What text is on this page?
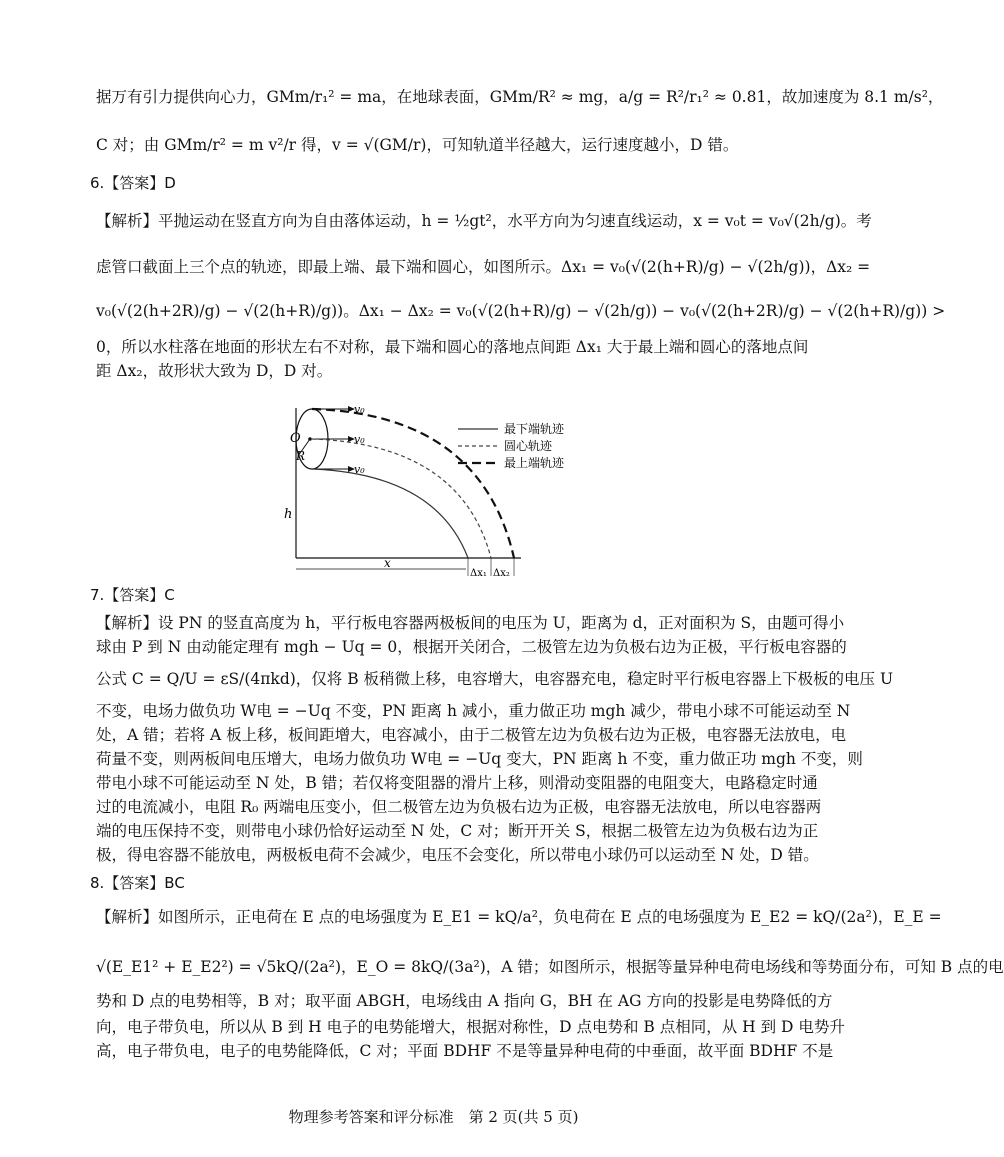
据万有引力提供向心力，GMm/r₁² = ma，在地球表面，GMm/R² ≈ mg，a/g = R²/r₁² ≈ 0.81，故加速度为 8.1 m/s²，
C 对；由 GMm/r² = m v²/r 得，v = √(GM/r)，可知轨道半径越大，运行速度越小，D 错。
6.【答案】D
【解析】平抛运动在竖直方向为自由落体运动，h = ½gt²，水平方向为匀速直线运动，x = v₀t = v₀√(2h/g)。考
虑管口截面上三个点的轨迹，即最上端、最下端和圆心，如图所示。Δx₁ = v₀(√(2(h+R)/g) − √(2h/g))，Δx₂ =
v₀(√(2(h+2R)/g) − √(2(h+R)/g))。Δx₁ − Δx₂ = v₀(√(2(h+R)/g) − √(2h/g)) − v₀(√(2(h+2R)/g) − √(2(h+R)/g)) >
0，所以水柱落在地面的形状左右不对称，最下端和圆心的落地点间距 Δx₁ 大于最上端和圆心的落地点间
距 Δx₂，故形状大致为 D，D 对。
h
x
Δx₁ Δx₂
O
R
v₀
v₀
v₀
最下端轨迹
圆心轨迹
最上端轨迹
7.【答案】C
【解析】设 PN 的竖直高度为 h，平行板电容器两极板间的电压为 U，距离为 d，正对面积为 S，由题可得小
球由 P 到 N 由动能定理有 mgh − Uq = 0，根据开关闭合，二极管左边为负极右边为正极，平行板电容器的
公式 C = Q/U = εS/(4πkd)，仅将 B 板稍微上移，电容增大，电容器充电，稳定时平行板电容器上下极板的电压 U
不变，电场力做负功 W电 = −Uq 不变，PN 距离 h 减小，重力做正功 mgh 减少，带电小球不可能运动至 N
处，A 错；若将 A 板上移，板间距增大，电容减小，由于二极管左边为负极右边为正极，电容器无法放电，电
荷量不变，则两板间电压增大，电场力做负功 W电 = −Uq 变大，PN 距离 h 不变，重力做正功 mgh 不变，则
带电小球不可能运动至 N 处，B 错；若仅将变阻器的滑片上移，则滑动变阻器的电阻变大，电路稳定时通
过的电流减小，电阻 R₀ 两端电压变小，但二极管左边为负极右边为正极，电容器无法放电，所以电容器两
端的电压保持不变，则带电小球仍恰好运动至 N 处，C 对；断开开关 S，根据二极管左边为负极右边为正
极，得电容器不能放电，两极板电荷不会减少，电压不会变化，所以带电小球仍可以运动至 N 处，D 错。
8.【答案】BC
【解析】如图所示，正电荷在 E 点的电场强度为 E_E1 = kQ/a²，负电荷在 E 点的电场强度为 E_E2 = kQ/(2a²)，E_E =
√(E_E1² + E_E2²) = √5kQ/(2a²)，E_O = 8kQ/(3a²)，A 错；如图所示，根据等量异种电荷电场线和等势面分布，可知 B 点的电
势和 D 点的电势相等，B 对；取平面 ABGH，电场线由 A 指向 G，BH 在 AG 方向的投影是电势降低的方
向，电子带负电，所以从 B 到 H 电子的电势能增大，根据对称性，D 点电势和 B 点相同，从 H 到 D 电势升
高，电子带负电，电子的电势能降低，C 对；平面 BDHF 不是等量异种电荷的中垂面，故平面 BDHF 不是
物理参考答案和评分标准　第 2 页(共 5 页)
